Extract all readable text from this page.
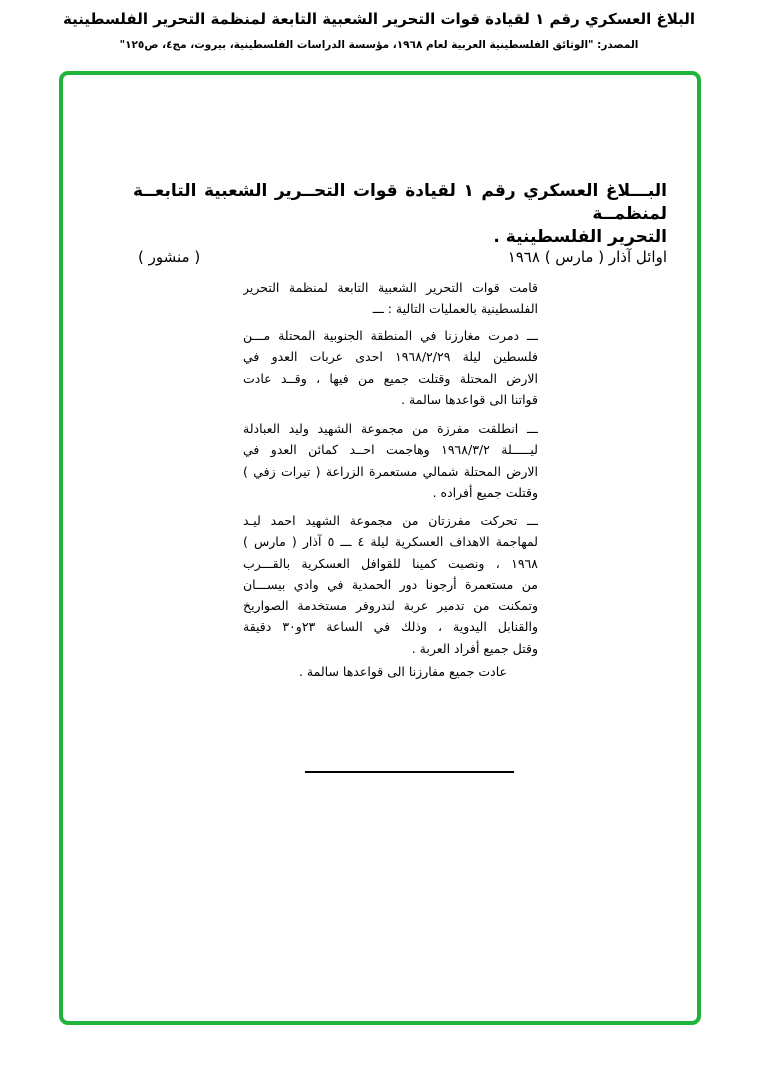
البلاغ العسكري رقم ١ لقيادة قوات التحرير الشعبية التابعة لمنظمة التحرير الفلسطينية
المصدر: "الوثائق الفلسطينية العربية لعام ١٩٦٨، مؤسسة الدراسات الفلسطينية، بيروت، مج٤، ص١٢٥"
البـــلاغ العسكري رقم ١ لقيادة قوات التحــرير الشعبية التابعــة لمنظمــة
التحرير الفلسطينية .
اوائل آذار ( مارس ) ١٩٦٨
( منشور )
قامت قوات التحرير الشعبية التابعة لمنظمة التحرير
الفلسطينية بالعمليات التالية : ـــ
ـــ دمرت مغارزنا في المنطقة الجنوبية المحتلة مـــن
فلسطين ليلة ١٩٦٨/٢/٢٩ احدى عربات العدو في
الارض المحتلة وقتلت جميع من فيها ، وقــد عادت
قواتنا الى قواعدها سالمة .
ـــ انطلقت مفرزة من مجموعة الشهيد وليد العبادلة
ليـــــلة ١٩٦٨/٣/٢ وهاجمت احــد كمائن العدو في
الارض المحتلة شمالي مستعمرة الزراعة ( تيرات زفي )
وقتلت جميع أفراده .
ـــ تحركت مفرزتان من مجموعة الشهيد احمد ليـد
لمهاجمة الاهداف العسكرية ليلة ٤ ـــ ٥ آذار ( مارس )
١٩٦٨ ، ونصبت كمينا للقوافل العسكرية بالقـــرب
من مستعمرة أرجونا دور الحمدية في وادي بيســـان
وتمكنت من تدمير عربة لندروفر مستخدمة الصواريخ
والقنابل اليدوية ، وذلك في الساعة ٢٣و٣٠ دقيقة
وقتل جميع أفراد العربة .
عادت جميع مفارزنا الى قواعدها سالمة .
